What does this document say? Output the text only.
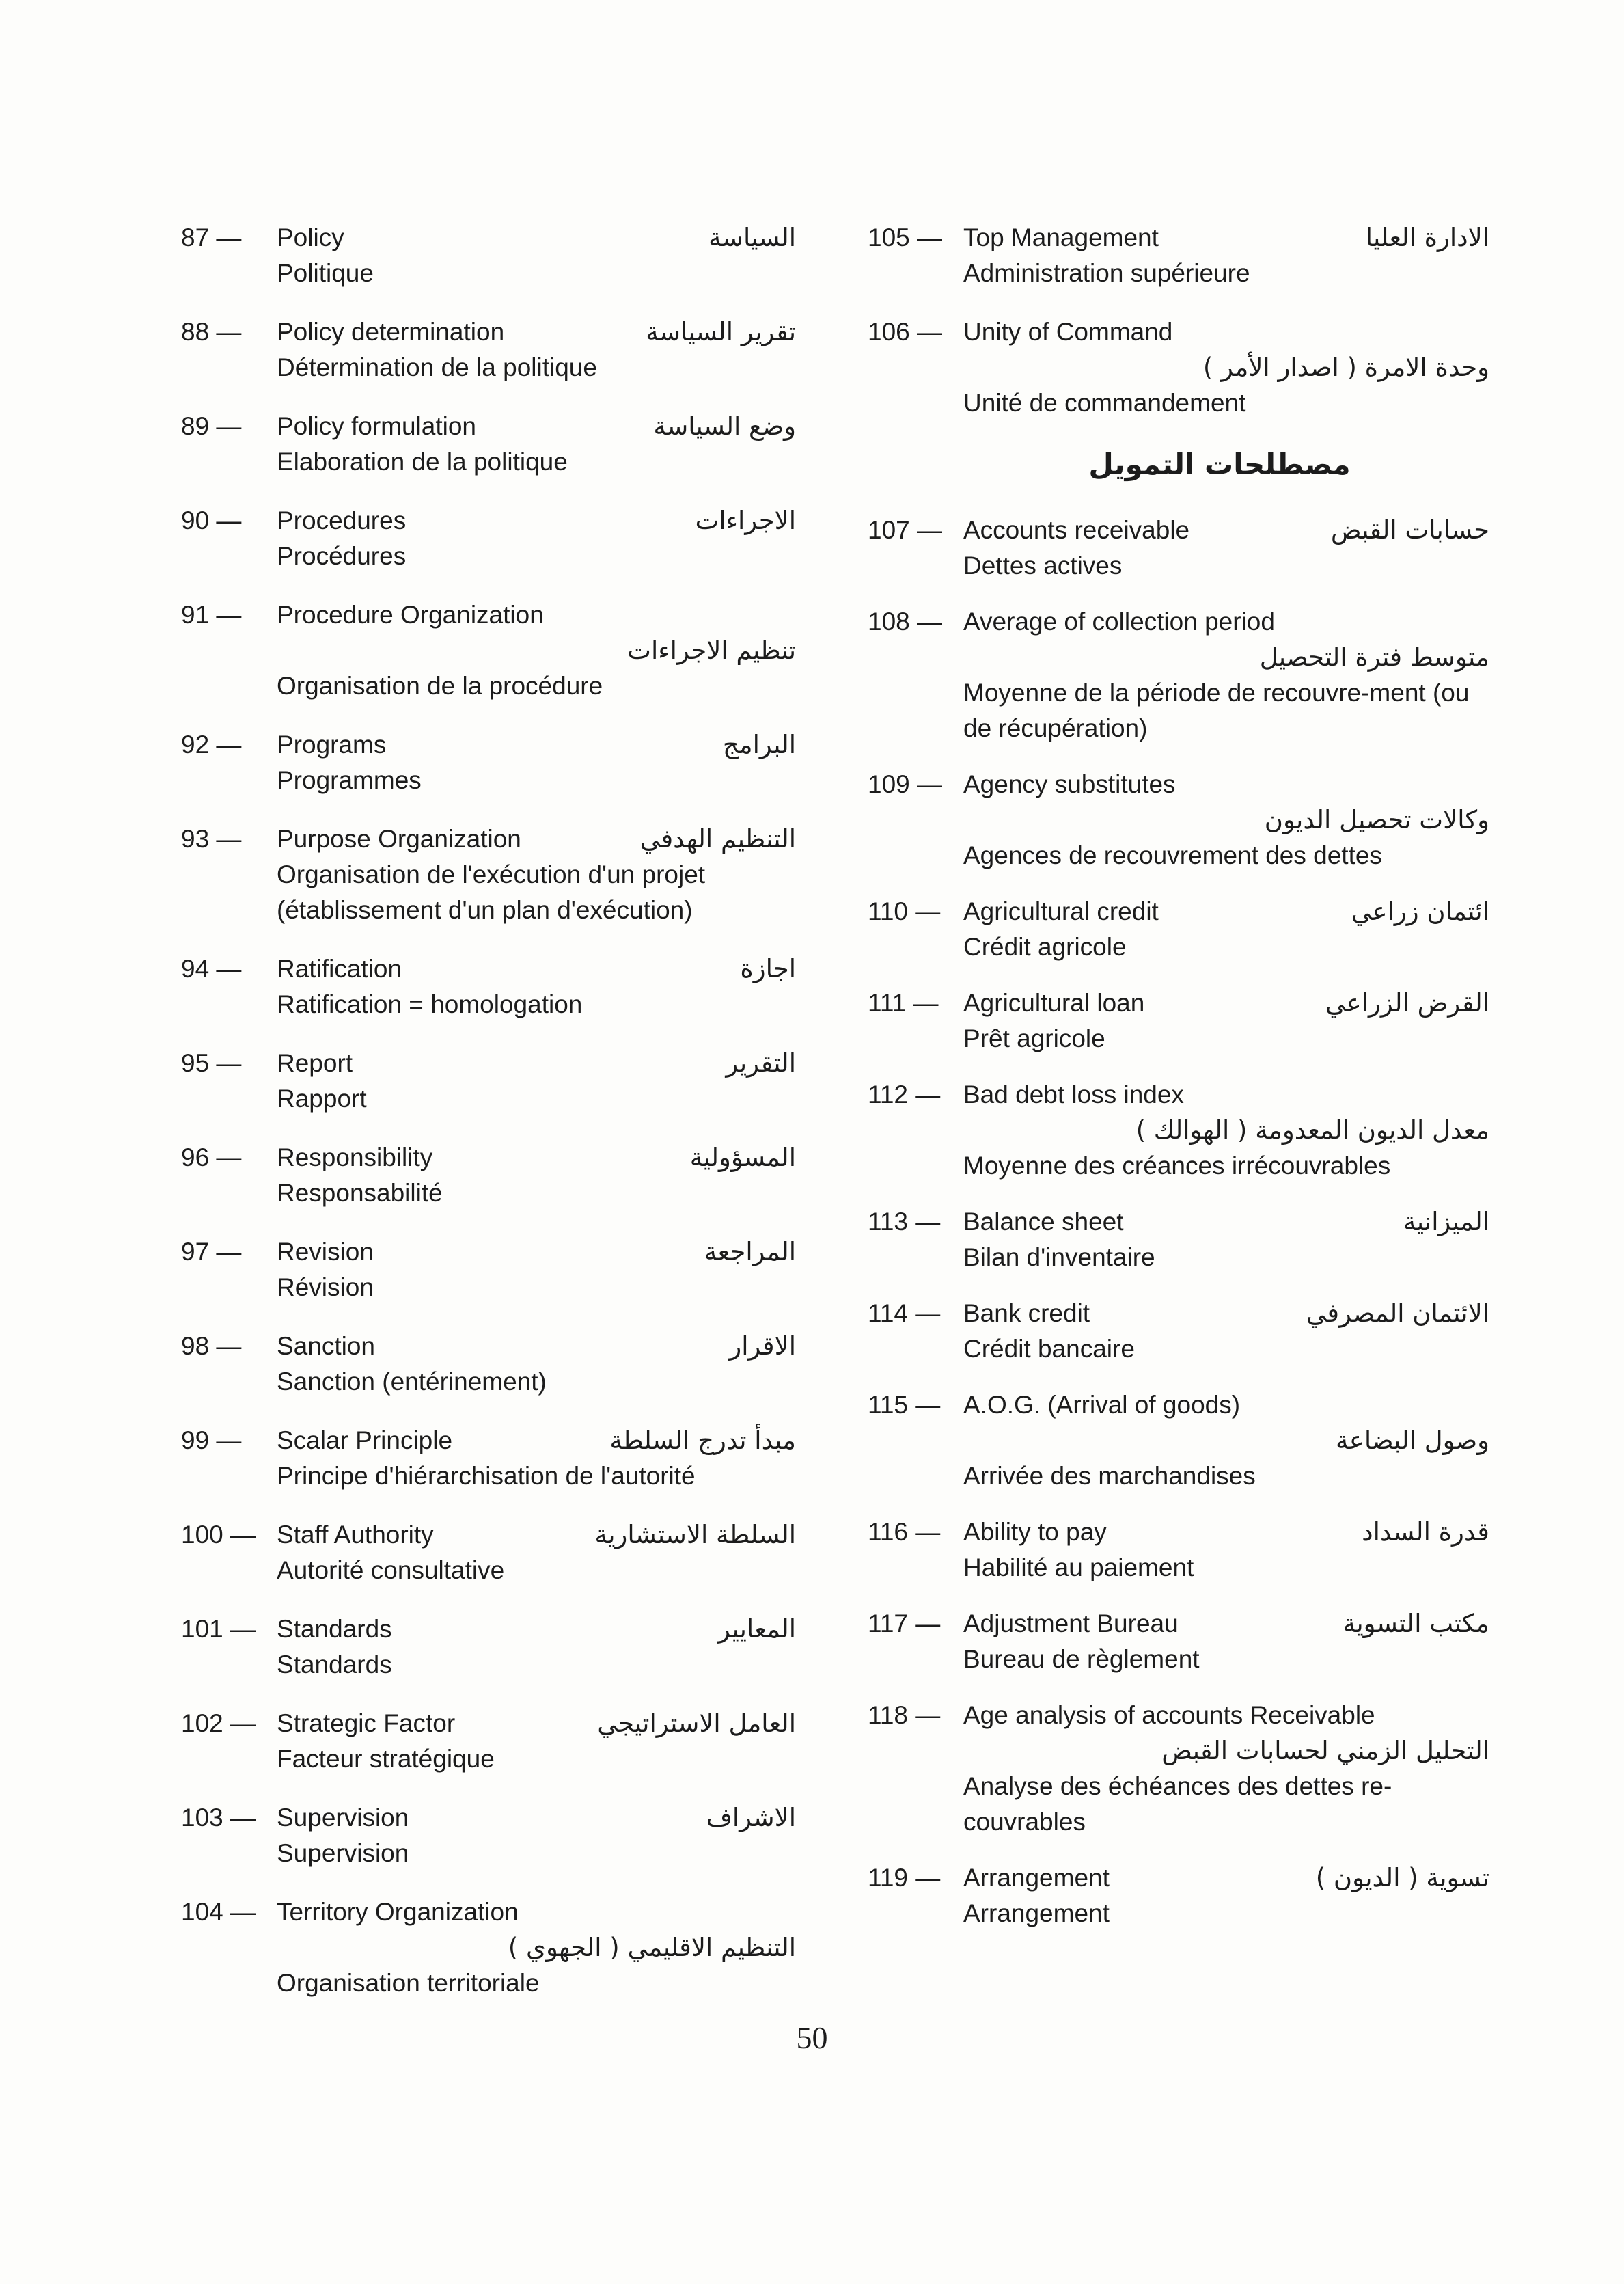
87 —	Policy	السياسة
Politique
88 —	Policy determination	تقرير السياسة
Détermination de la politique
89 —	Policy formulation	وضع السياسة
Elaboration de la politique
90 —	Procedures	الاجراءات
Procédures
91 —	Procedure Organization
تنظيم الاجراءات
Organisation de la procédure
92 —	Programs	البرامج
Programmes
93 —	Purpose Organization	التنظيم الهدفي
Organisation de l'exécution d'un projet (établissement d'un plan d'exécution)
94 —	Ratification	اجازة
Ratification = homologation
95 —	Report	التقرير
Rapport
96 —	Responsibility	المسؤولية
Responsabilité
97 —	Revision	المراجعة
Révision
98 —	Sanction	الاقرار
Sanction (entérinement)
99 —	Scalar Principle	مبدأ تدرج السلطة
Principe d'hiérarchisation de l'autorité
100 — Staff Authority	السلطة الاستشارية
Autorité consultative
101 — Standards	المعايير
Standards
102 — Strategic Factor	العامل الاستراتيجي
Facteur stratégique
103 — Supervision	الاشراف
Supervision
104 — Territory Organization
التنظيم الاقليمي ( الجهوي )
Organisation territoriale
105 — Top Management	الادارة العليا
Administration supérieure
106 — Unity of Command
وحدة الامرة ( اصدار الأمر )
Unité de commandement
مصطلحات التمويل
107 — Accounts receivable	حسابات القبض
Dettes actives
108 — Average of collection period
متوسط فترة التحصيل
Moyenne de la période de recouvre-ment (ou de récupération)
109 — Agency substitutes
وكالات تحصيل الديون
Agences de recouvrement des dettes
110 — Agricultural credit	ائتمان زراعي
Crédit agricole
111 — Agricultural loan	القرض الزراعي
Prêt agricole
112 — Bad debt loss index
معدل الديون المعدومة ( الهوالك )
Moyenne des créances irrécouvrables
113 — Balance sheet	الميزانية
Bilan d'inventaire
114 — Bank credit	الائتمان المصرفي
Crédit bancaire
115 — A.O.G. (Arrival of goods)
وصول البضاعة
Arrivée des marchandises
116 — Ability to pay	قدرة السداد
Habilité au paiement
117 — Adjustment Bureau	مكتب التسوية
Bureau de règlement
118 — Age analysis of accounts Receivable
التحليل الزمني لحسابات القبض
Analyse des échéances des dettes re-couvrables
119 — Arrangement	تسوية ( الديون )
Arrangement
50
